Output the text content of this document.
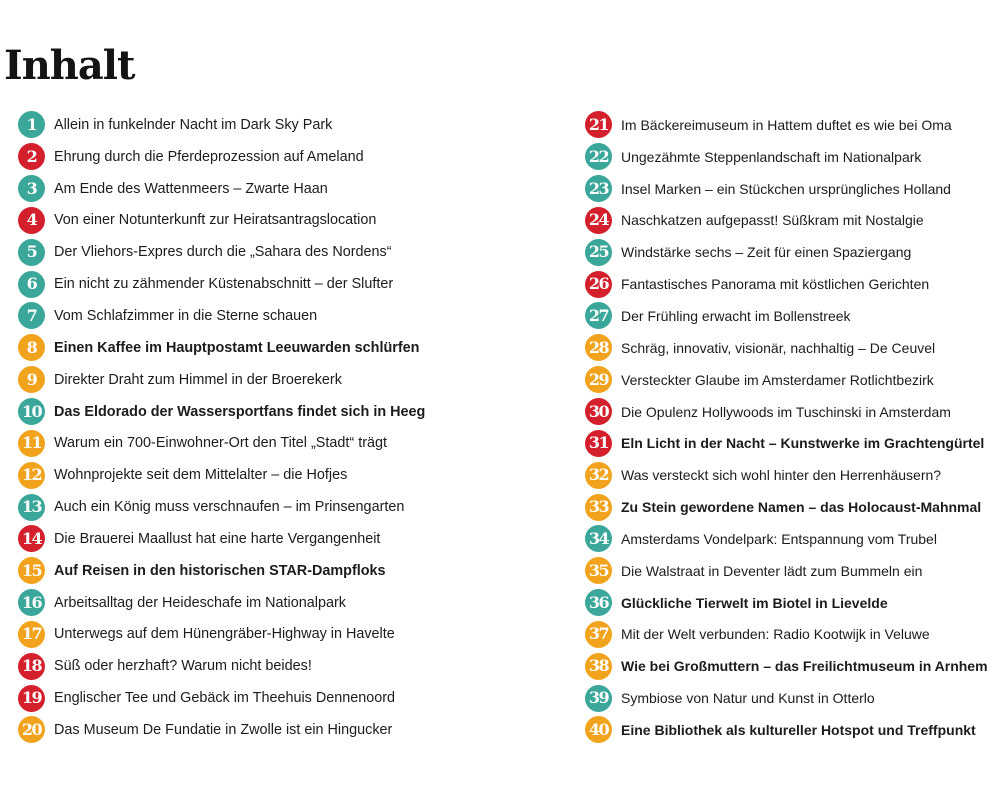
Inhalt
1	Allein in funkelnder Nacht im Dark Sky Park
2	Ehrung durch die Pferdeprozession auf Ameland
3	Am Ende des Wattenmeers – Zwarte Haan
4	Von einer Notunterkunft zur Heiratsantragslocation
5	Der Vliehors-Expres durch die „Sahara des Nordens“
6	Ein nicht zu zähmender Küstenabschnitt – der Slufter
7	Vom Schlafzimmer in die Sterne schauen
8	Einen Kaffee im Hauptpostamt Leeuwarden schlürfen
9	Direkter Draht zum Himmel in der Broerekerk
10 Das Eldorado der Wassersportfans findet sich in Heeg
11 Warum ein 700-Einwohner-Ort den Titel „Stadt“ trägt
12 Wohnprojekte seit dem Mittelalter – die Hofjes
13 Auch ein König muss verschnaufen – im Prinsengarten
14 Die Brauerei Maallust hat eine harte Vergangenheit
15 Auf Reisen in den historischen STAR-Dampfloks
16 Arbeitsalltag der Heideschafe im Nationalpark
17 Unterwegs auf dem Hünengräber-Highway in Havelte
18 Süß oder herzhaft? Warum nicht beides!
19 Englischer Tee und Gebäck im Theehuis Dennenoord
20 Das Museum De Fundatie in Zwolle ist ein Hingucker
21 Im Bäckereimuseum in Hattem duftet es wie bei Oma
22 Ungezähmte Steppenlandschaft im Nationalpark
23 Insel Marken – ein Stückchen ursprüngliches Holland
24 Naschkatzen aufgepasst! Süßkram mit Nostalgie
25 Windstärke sechs – Zeit für einen Spaziergang
26 Fantastisches Panorama mit köstlichen Gerichten
27 Der Frühling erwacht im Bollenstreek
28 Schräg, innovativ, visionär, nachhaltig – De Ceuvel
29 Versteckter Glaube im Amsterdamer Rotlichtbezirk
30 Die Opulenz Hollywoods im Tuschinski in Amsterdam
31 Eln Licht in der Nacht – Kunstwerke im Grachtengürtel
32 Was versteckt sich wohl hinter den Herrenhäusern?
33 Zu Stein gewordene Namen – das Holocaust-Mahnmal
34 Amsterdams Vondelpark: Entspannung vom Trubel
35 Die Walstraat in Deventer lädt zum Bummeln ein
36 Glückliche Tierwelt im Biotel in Lievelde
37 Mit der Welt verbunden: Radio Kootwijk in Veluwe
38 Wie bei Großmuttern – das Freilichtmuseum in Arnhem
39 Symbiose von Natur und Kunst in Otterlo
40 Eine Bibliothek als kultureller Hotspot und Treffpunkt
